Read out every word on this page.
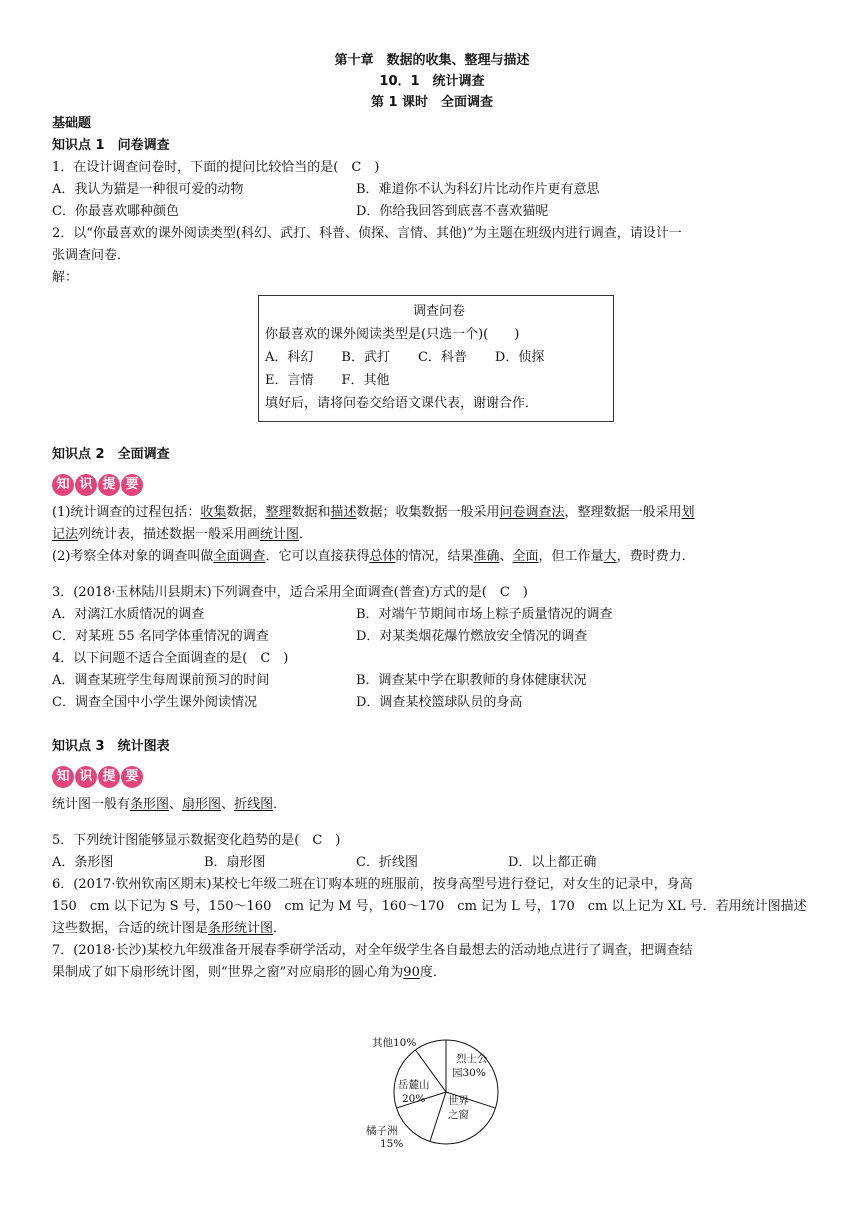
第十章　数据的收集、整理与描述
10．1　统计调查
第 1 课时　全面调查
基础题
知识点 1　问卷调查
1．在设计调查问卷时，下面的提问比较恰当的是(　C　)
A．我认为猫是一种很可爱的动物	B．难道你不认为科幻片比动作片更有意思
C．你最喜欢哪种颜色	D．你给我回答到底喜不喜欢猫呢
2．以“你最喜欢的课外阅读类型(科幻、武打、科普、侦探、言情、其他)”为主题在班级内进行调查，请设计一
张调查问卷．
解：
调查问卷
你最喜欢的课外阅读类型是(只选一个)(　　)
A．科幻 B．武打 C．科普 D．侦探
E．言情 F．其他
填好后，请将问卷交给语文课代表，谢谢合作．
知识点 2　全面调查
知 识 提 要
(1)统计调查的过程包括：收集数据，整理数据和描述数据；收集数据一般采用问卷调查法，整理数据一般采用划
记法列统计表，描述数据一般采用画统计图．
(2)考察全体对象的调查叫做全面调查．它可以直接获得总体的情况，结果准确、全面，但工作量大，费时费力．
3．(2018·玉林陆川县期末)下列调查中，适合采用全面调查(普查)方式的是(　C　)
A．对漓江水质情况的调查	B．对端午节期间市场上粽子质量情况的调查
C．对某班 55 名同学体重情况的调查	D．对某类烟花爆竹燃放安全情况的调查
4．以下问题不适合全面调查的是(　C　)
A．调查某班学生每周课前预习的时间	B．调查某中学在职教师的身体健康状况
C．调查全国中小学生课外阅读情况	D．调查某校篮球队员的身高
知识点 3　统计图表
知 识 提 要
统计图一般有条形图、扇形图、折线图．
5．下列统计图能够显示数据变化趋势的是(　C　)
A．条形图	B．扇形图	C．折线图	D．以上都正确
6．(2017·钦州钦南区期末)某校七年级二班在订购本班的班服前，按身高型号进行登记，对女生的记录中，身高
150　cm 以下记为 S 号，150～160　cm 记为 M 号，160～170　cm 记为 L 号，170　cm 以上记为 XL 号．若用统计图描述
这些数据，合适的统计图是条形统计图．
7．(2018·长沙)某校九年级准备开展春季研学活动，对全年级学生各自最想去的活动地点进行了调查，把调查结
果制成了如下扇形统计图，则“世界之窗”对应扇形的圆心角为90度．
其他10%
烈士公
园30%
岳麓山
20% 世界
之窗
橘子洲
15%
